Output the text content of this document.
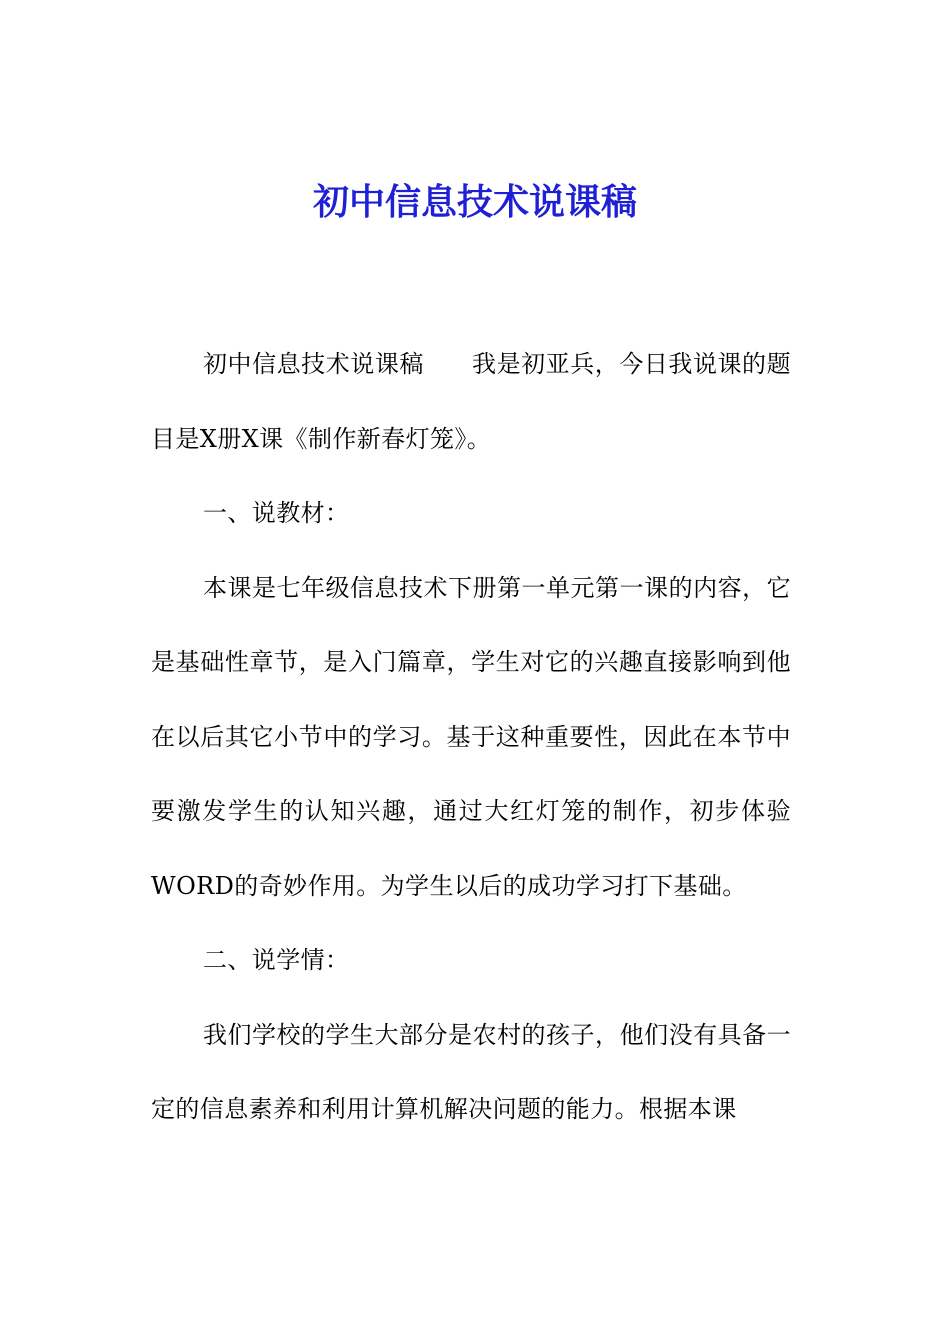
初中信息技术说课稿

初中信息技术说课稿 我是初亚兵，今日我说课的题目是X册X课《制作新春灯笼》。

一、说教材：

本课是七年级信息技术下册第一单元第一课的内容，它是基础性章节，是入门篇章，学生对它的兴趣直接影响到他在以后其它小节中的学习。基于这种重要性，因此在本节中要激发学生的认知兴趣，通过大红灯笼的制作，初步体验WORD的奇妙作用。为学生以后的成功学习打下基础。

二、说学情：

我们学校的学生大部分是农村的孩子，他们没有具备一定的信息素养和利用计算机解决问题的能力。根据本课
